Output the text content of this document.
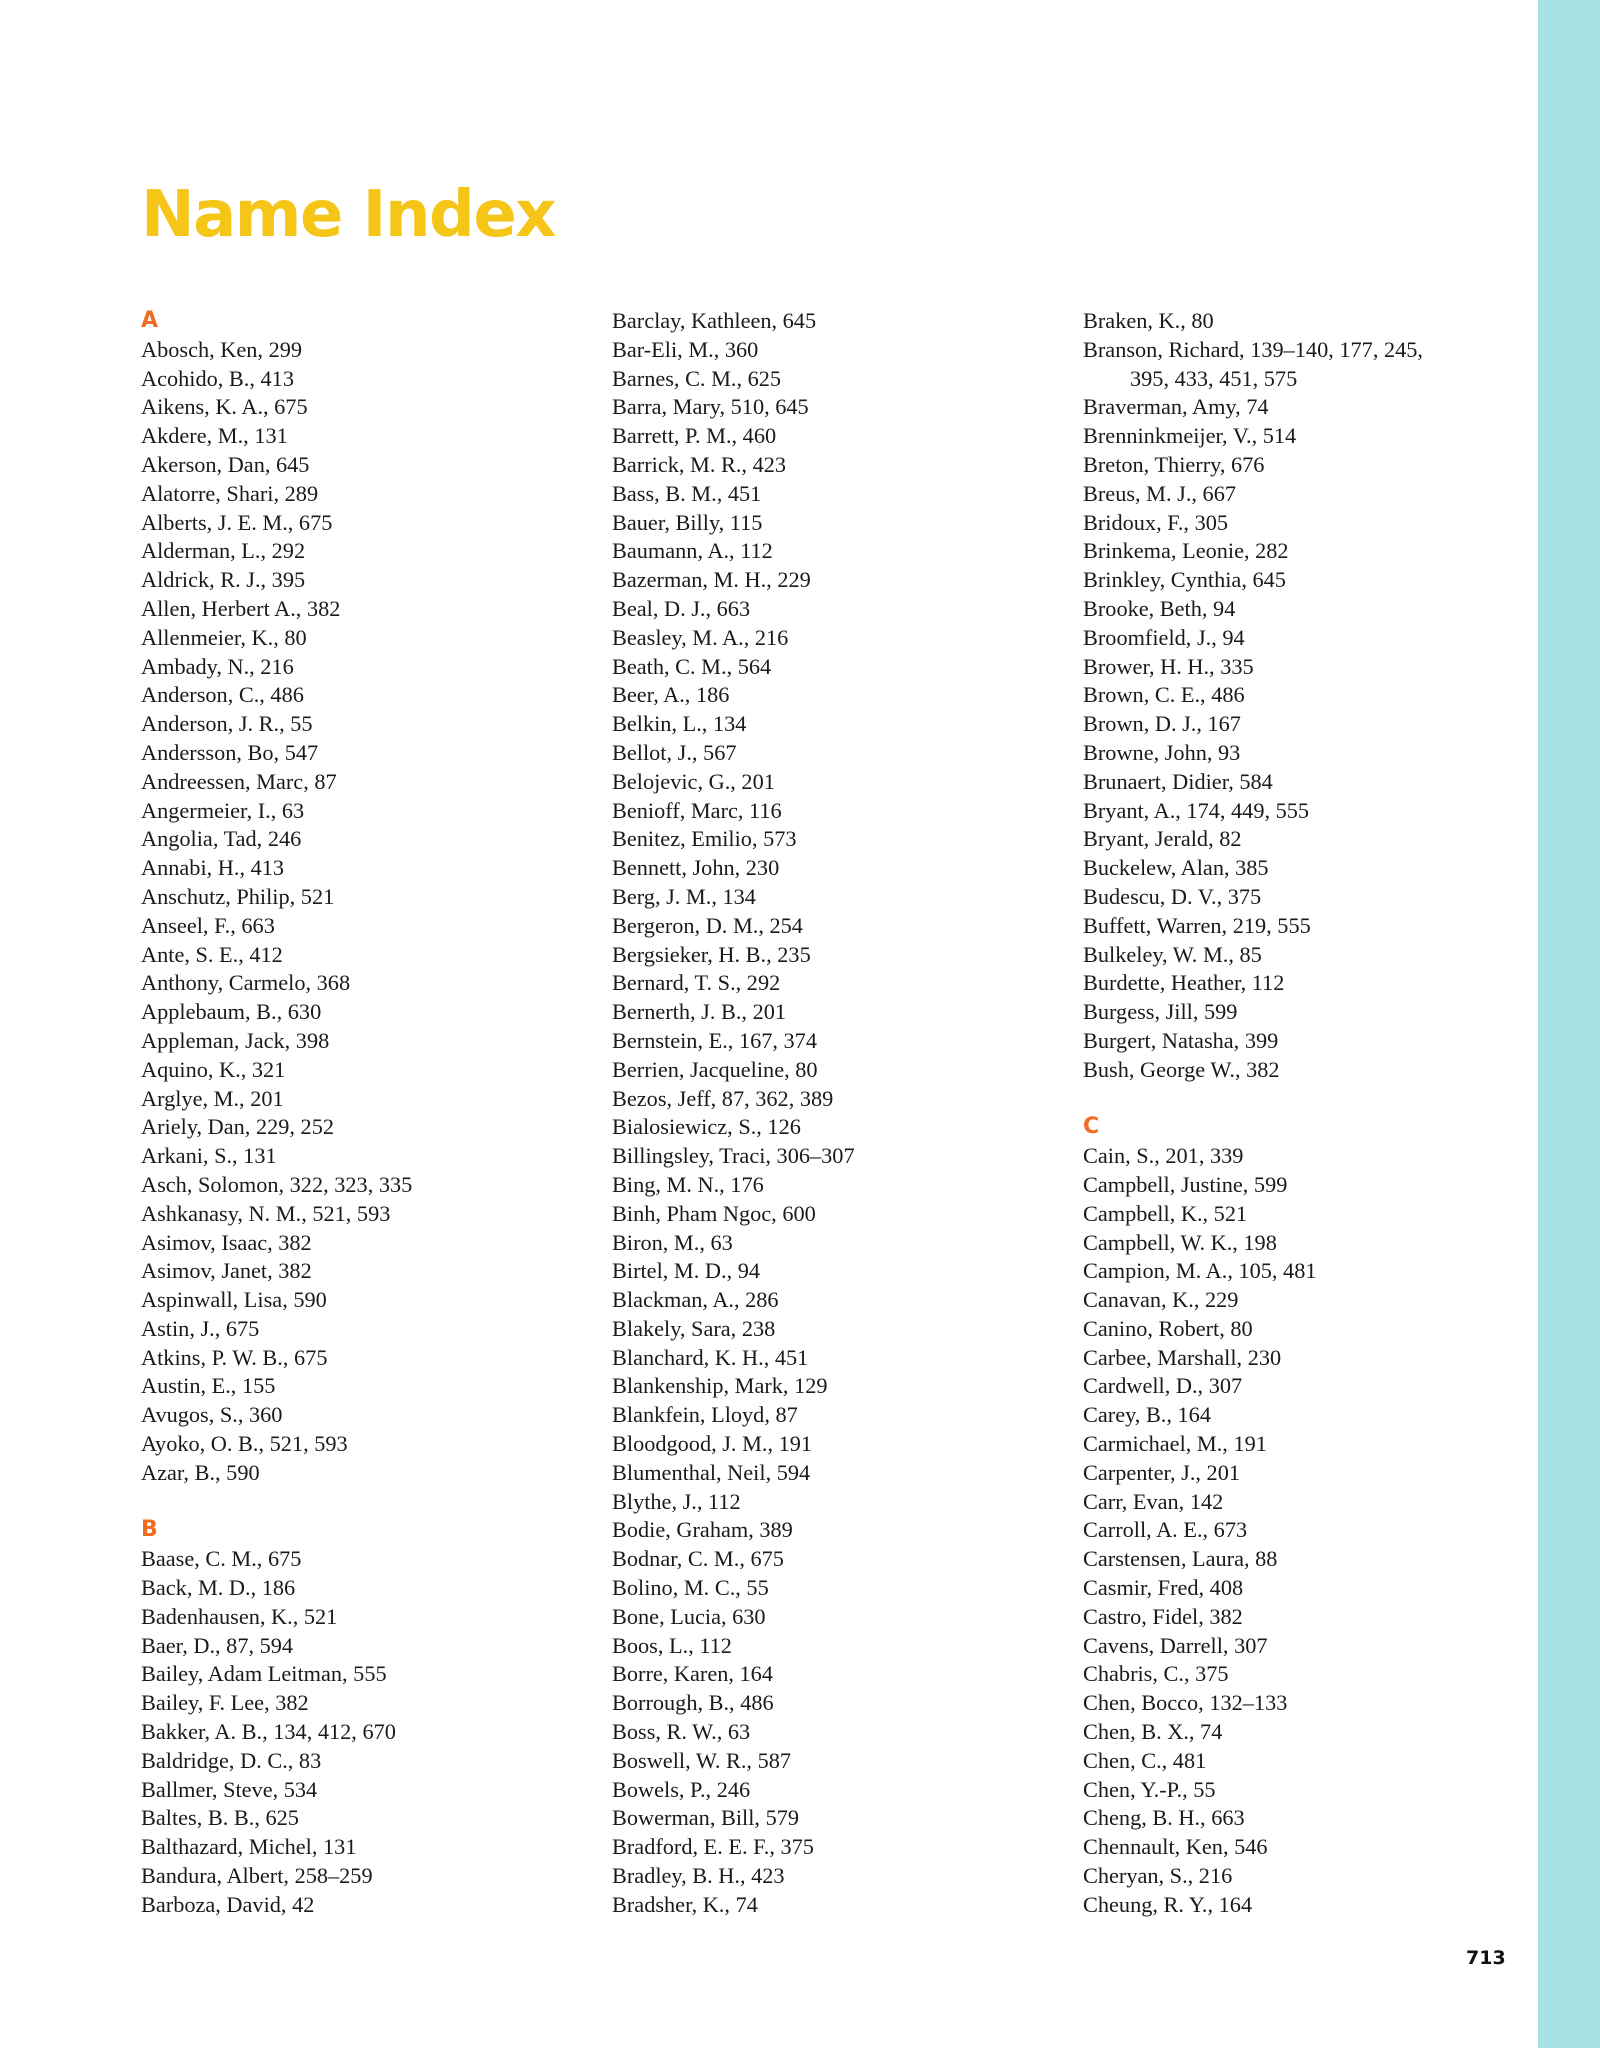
Name Index
A
Abosch, Ken, 299
Acohido, B., 413
Aikens, K. A., 675
Akdere, M., 131
Akerson, Dan, 645
Alatorre, Shari, 289
Alberts, J. E. M., 675
Alderman, L., 292
Aldrick, R. J., 395
Allen, Herbert A., 382
Allenmeier, K., 80
Ambady, N., 216
Anderson, C., 486
Anderson, J. R., 55
Andersson, Bo, 547
Andreessen, Marc, 87
Angermeier, I., 63
Angolia, Tad, 246
Annabi, H., 413
Anschutz, Philip, 521
Anseel, F., 663
Ante, S. E., 412
Anthony, Carmelo, 368
Applebaum, B., 630
Appleman, Jack, 398
Aquino, K., 321
Arglye, M., 201
Ariely, Dan, 229, 252
Arkani, S., 131
Asch, Solomon, 322, 323, 335
Ashkanasy, N. M., 521, 593
Asimov, Isaac, 382
Asimov, Janet, 382
Aspinwall, Lisa, 590
Astin, J., 675
Atkins, P. W. B., 675
Austin, E., 155
Avugos, S., 360
Ayoko, O. B., 521, 593
Azar, B., 590
B
Baase, C. M., 675
Back, M. D., 186
Badenhausen, K., 521
Baer, D., 87, 594
Bailey, Adam Leitman, 555
Bailey, F. Lee, 382
Bakker, A. B., 134, 412, 670
Baldridge, D. C., 83
Ballmer, Steve, 534
Baltes, B. B., 625
Balthazard, Michel, 131
Bandura, Albert, 258–259
Barboza, David, 42
Barclay, Kathleen, 645
Bar-Eli, M., 360
Barnes, C. M., 625
Barra, Mary, 510, 645
Barrett, P. M., 460
Barrick, M. R., 423
Bass, B. M., 451
Bauer, Billy, 115
Baumann, A., 112
Bazerman, M. H., 229
Beal, D. J., 663
Beasley, M. A., 216
Beath, C. M., 564
Beer, A., 186
Belkin, L., 134
Bellot, J., 567
Belojevic, G., 201
Benioff, Marc, 116
Benitez, Emilio, 573
Bennett, John, 230
Berg, J. M., 134
Bergeron, D. M., 254
Bergsieker, H. B., 235
Bernard, T. S., 292
Bernerth, J. B., 201
Bernstein, E., 167, 374
Berrien, Jacqueline, 80
Bezos, Jeff, 87, 362, 389
Bialosiewicz, S., 126
Billingsley, Traci, 306–307
Bing, M. N., 176
Binh, Pham Ngoc, 600
Biron, M., 63
Birtel, M. D., 94
Blackman, A., 286
Blakely, Sara, 238
Blanchard, K. H., 451
Blankenship, Mark, 129
Blankfein, Lloyd, 87
Bloodgood, J. M., 191
Blumenthal, Neil, 594
Blythe, J., 112
Bodie, Graham, 389
Bodnar, C. M., 675
Bolino, M. C., 55
Bone, Lucia, 630
Boos, L., 112
Borre, Karen, 164
Borrough, B., 486
Boss, R. W., 63
Boswell, W. R., 587
Bowels, P., 246
Bowerman, Bill, 579
Bradford, E. E. F., 375
Bradley, B. H., 423
Bradsher, K., 74
Braken, K., 80
Branson, Richard, 139–140, 177, 245,
395, 433, 451, 575
Braverman, Amy, 74
Brenninkmeijer, V., 514
Breton, Thierry, 676
Breus, M. J., 667
Bridoux, F., 305
Brinkema, Leonie, 282
Brinkley, Cynthia, 645
Brooke, Beth, 94
Broomfield, J., 94
Brower, H. H., 335
Brown, C. E., 486
Brown, D. J., 167
Browne, John, 93
Brunaert, Didier, 584
Bryant, A., 174, 449, 555
Bryant, Jerald, 82
Buckelew, Alan, 385
Budescu, D. V., 375
Buffett, Warren, 219, 555
Bulkeley, W. M., 85
Burdette, Heather, 112
Burgess, Jill, 599
Burgert, Natasha, 399
Bush, George W., 382
C
Cain, S., 201, 339
Campbell, Justine, 599
Campbell, K., 521
Campbell, W. K., 198
Campion, M. A., 105, 481
Canavan, K., 229
Canino, Robert, 80
Carbee, Marshall, 230
Cardwell, D., 307
Carey, B., 164
Carmichael, M., 191
Carpenter, J., 201
Carr, Evan, 142
Carroll, A. E., 673
Carstensen, Laura, 88
Casmir, Fred, 408
Castro, Fidel, 382
Cavens, Darrell, 307
Chabris, C., 375
Chen, Bocco, 132–133
Chen, B. X., 74
Chen, C., 481
Chen, Y.-P., 55
Cheng, B. H., 663
Chennault, Ken, 546
Cheryan, S., 216
Cheung, R. Y., 164
713
